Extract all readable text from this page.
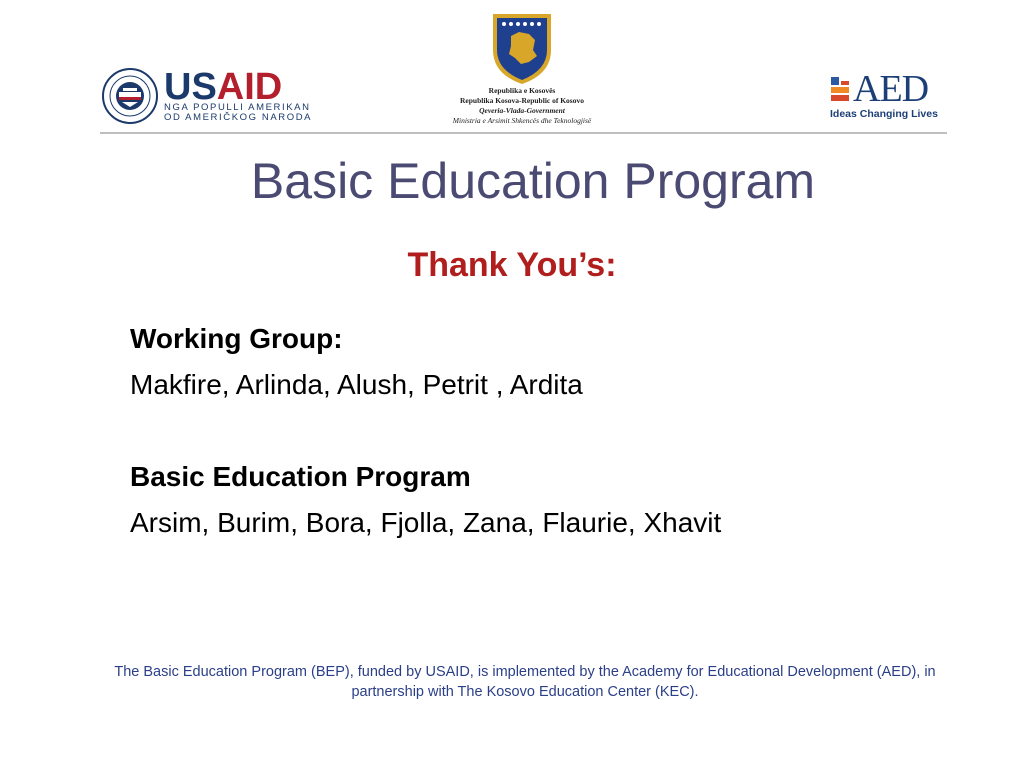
USAID
NGA POPULLI AMERIKAN
OD AMERIČKOG NARODA
Republika e Kosovës
Republika Kosova-Republic of Kosovo
Qeveria-Vlada-Government
Ministria e Arsimit Shkencës dhe Teknologjisë
AED
Ideas Changing Lives
Basic Education Program
Thank You’s:
Working Group:
Makfire, Arlinda, Alush, Petrit , Ardita
Basic Education Program
Arsim, Burim, Bora, Fjolla, Zana, Flaurie, Xhavit
The Basic Education Program (BEP), funded by USAID, is implemented by the Academy for Educational Development (AED), in partnership with The Kosovo Education Center (KEC).
